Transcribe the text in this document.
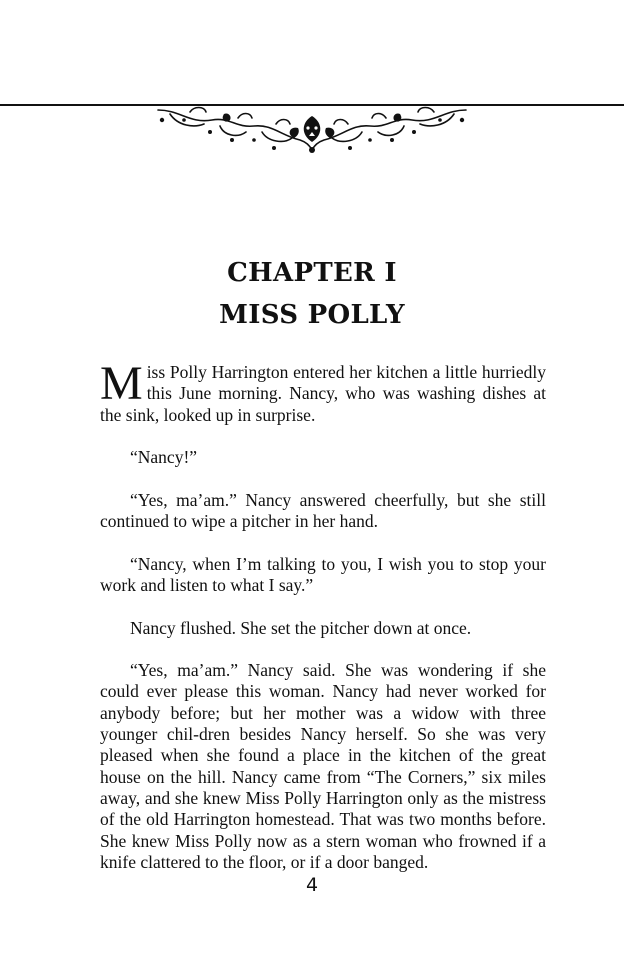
CHAPTER I
MISS POLLY

Miss Polly Harrington entered her kitchen a little hurriedly this June morning. Nancy, who was washing dishes at the sink, looked up in surprise.

“Nancy!”

“Yes, ma’am.” Nancy answered cheerfully, but she still continued to wipe a pitcher in her hand.

“Nancy, when I’m talking to you, I wish you to stop your work and listen to what I say.”

Nancy flushed. She set the pitcher down at once.

“Yes, ma’am.” Nancy said. She was wondering if she could ever please this woman. Nancy had never worked for anybody before; but her mother was a widow with three younger chil-dren besides Nancy herself. So she was very pleased when she found a place in the kitchen of the great house on the hill. Nancy came from “The Corners,” six miles away, and she knew Miss Polly Harrington only as the mistress of the old Harrington homestead. That was two months before. She knew Miss Polly now as a stern woman who frowned if a knife clattered to the floor, or if a door banged.

4
